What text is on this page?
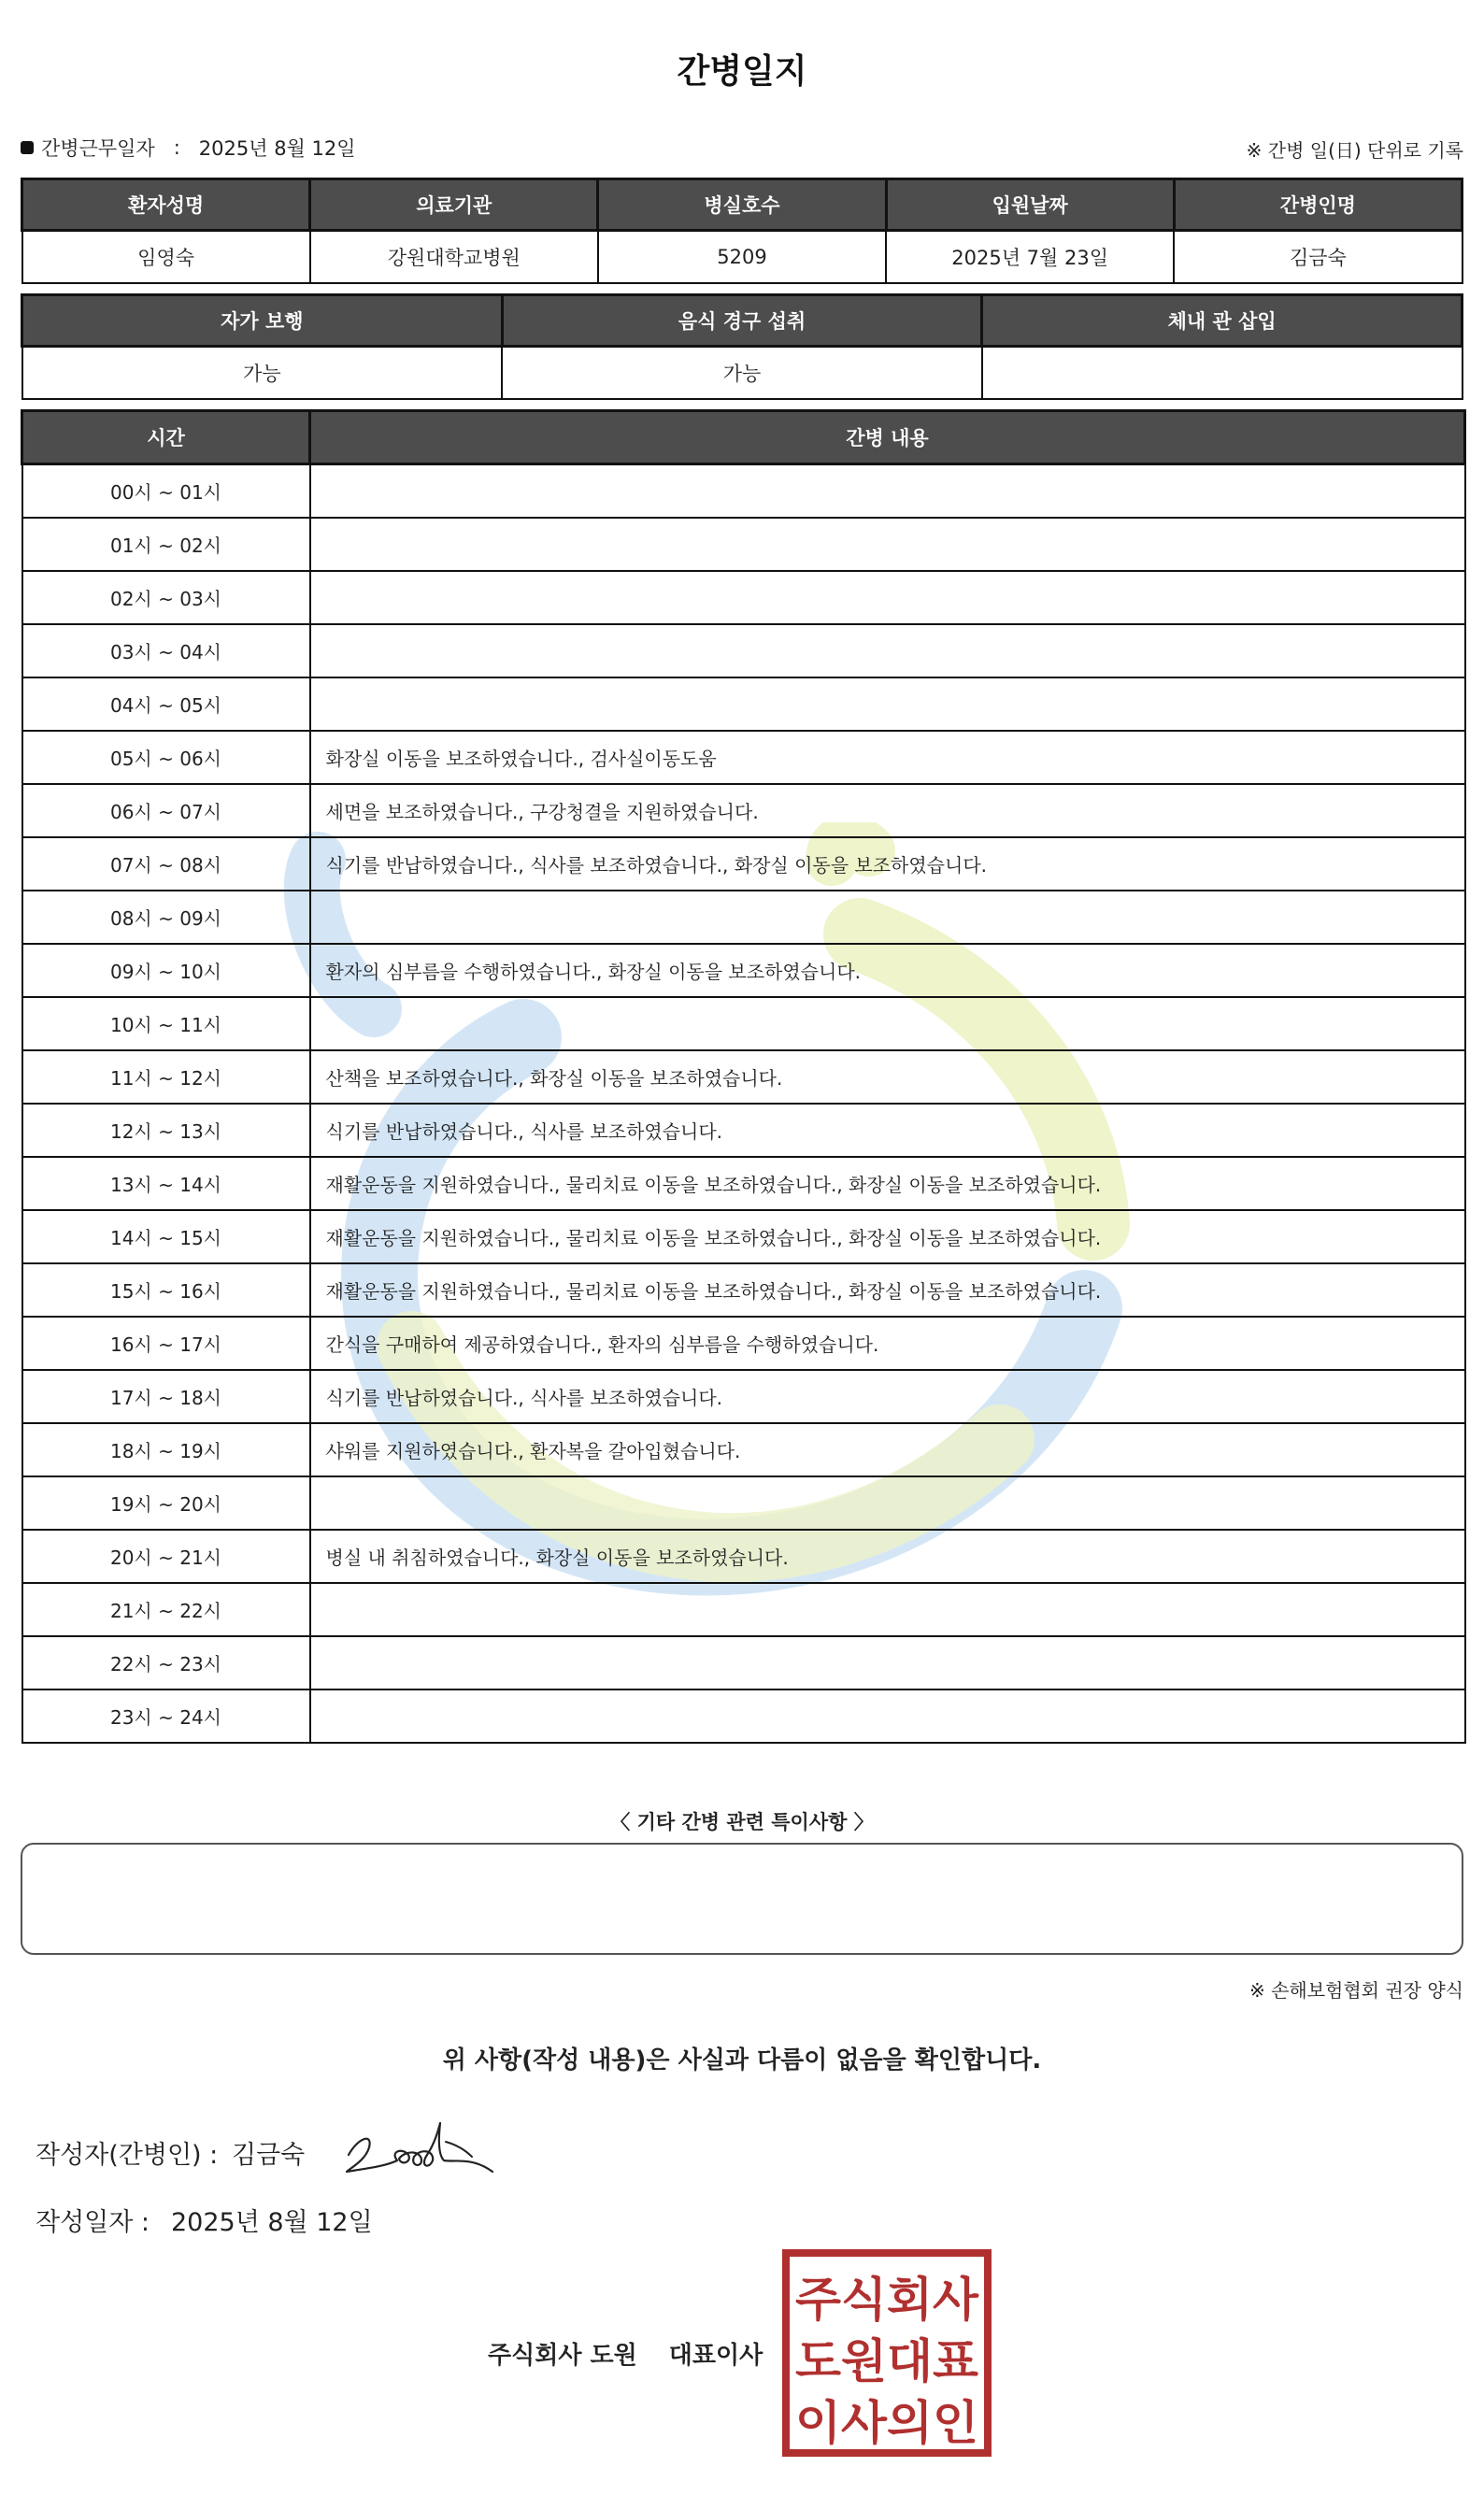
간병일지
간병근무일자 : 2025년 8월 12일	※ 간병 일(日) 단위로 기록
환자성명	의료기관	병실호수	입원날짜	간병인명
임영숙	강원대학교병원	5209	2025년 7월 23일	김금숙
자가 보행	음식 경구 섭취	체내 관 삽입
가능	가능	
시간	간병 내용
00시 ~ 01시	
01시 ~ 02시	
02시 ~ 03시	
03시 ~ 04시	
04시 ~ 05시	
05시 ~ 06시	화장실 이동을 보조하였습니다., 검사실이동도움
06시 ~ 07시	세면을 보조하였습니다., 구강청결을 지원하였습니다.
07시 ~ 08시	식기를 반납하였습니다., 식사를 보조하였습니다., 화장실 이동을 보조하였습니다.
08시 ~ 09시	
09시 ~ 10시	환자의 심부름을 수행하였습니다., 화장실 이동을 보조하였습니다.
10시 ~ 11시	
11시 ~ 12시	산책을 보조하였습니다., 화장실 이동을 보조하였습니다.
12시 ~ 13시	식기를 반납하였습니다., 식사를 보조하였습니다.
13시 ~ 14시	재활운동을 지원하였습니다., 물리치료 이동을 보조하였습니다., 화장실 이동을 보조하였습니다.
14시 ~ 15시	재활운동을 지원하였습니다., 물리치료 이동을 보조하였습니다., 화장실 이동을 보조하였습니다.
15시 ~ 16시	재활운동을 지원하였습니다., 물리치료 이동을 보조하였습니다., 화장실 이동을 보조하였습니다.
16시 ~ 17시	간식을 구매하여 제공하였습니다., 환자의 심부름을 수행하였습니다.
17시 ~ 18시	식기를 반납하였습니다., 식사를 보조하였습니다.
18시 ~ 19시	샤워를 지원하였습니다., 환자복을 갈아입혔습니다.
19시 ~ 20시	
20시 ~ 21시	병실 내 취침하였습니다., 화장실 이동을 보조하였습니다.
21시 ~ 22시	
22시 ~ 23시	
23시 ~ 24시	
〈 기타 간병 관련 특이사항 〉
※ 손해보험협회 권장 양식
위 사항(작성 내용)은 사실과 다름이 없음을 확인합니다.
작성자(간병인) : 김금숙
작성일자 : 2025년 8월 12일
주식회사 도원 대표이사
주식회사
도원대표
이사의인
